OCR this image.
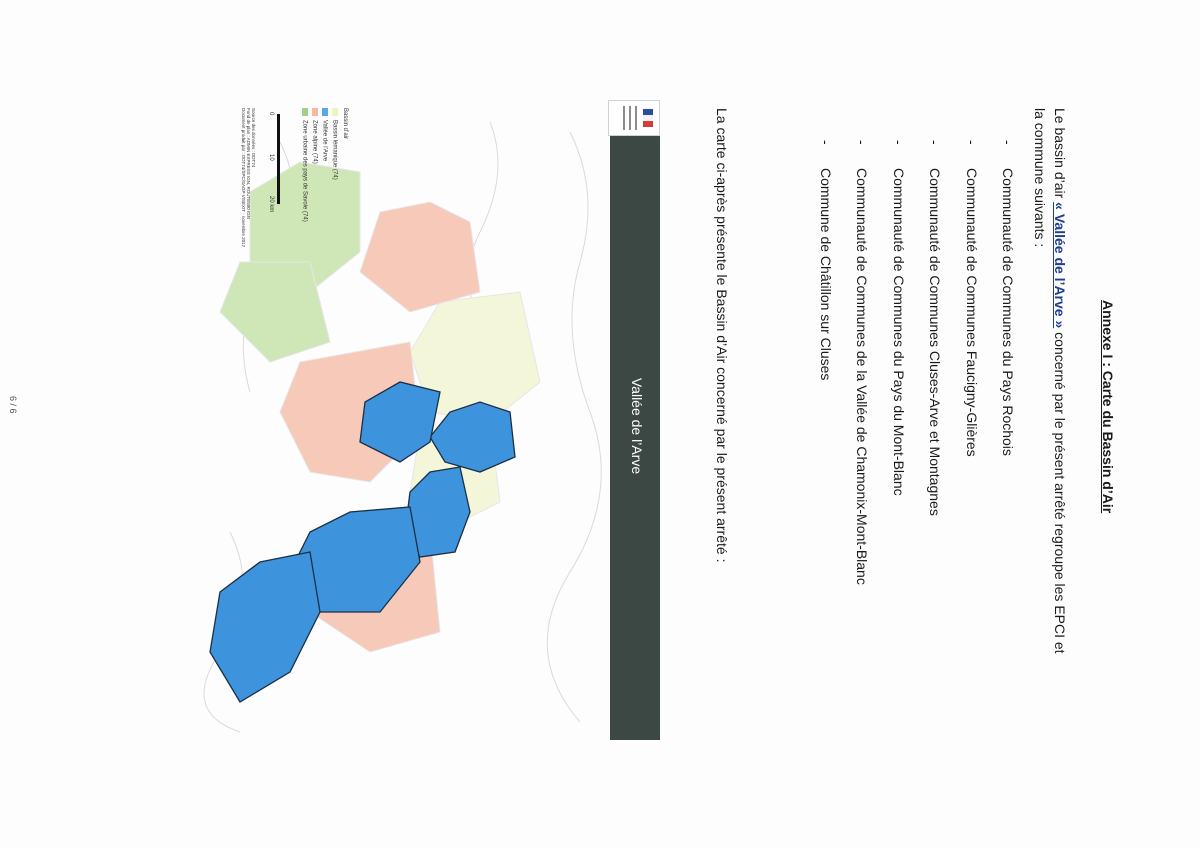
Annexe I : Carte du Bassin d’Air
Le bassin d’air « Vallée de l’Arve » concerné par le présent arrêté regroupe les EPCI et
la commune suivants :
-Communauté de Communes du Pays Rochois
-Communauté de Communes Faucigny-Glières
-Communauté de Communes Cluses-Arve et Montagnes
-Communauté de Communes du Pays du Mont-Blanc
-Communauté de Communes de la Vallée de Chamonix-Mont-Blanc
-Commune de Châtillon sur Cluses
La carte ci-après présente le Bassin d’Air concerné par le présent arrêté :
Vallée de l’Arve
Bassin d’air
Bassin lémanique (74)
Vallée de l’Arve
Zone alpine (74)
Zone urbaine des pays de Savoie (74)
0
10
20 km
Source des données : DDT74
Fond de plan : ADMIN EXPRESS IGN, ROUTE500 IGN
Document produit par : DDT74/SPC/SAGP VISEXIT - novembre 2017
6 / 6
